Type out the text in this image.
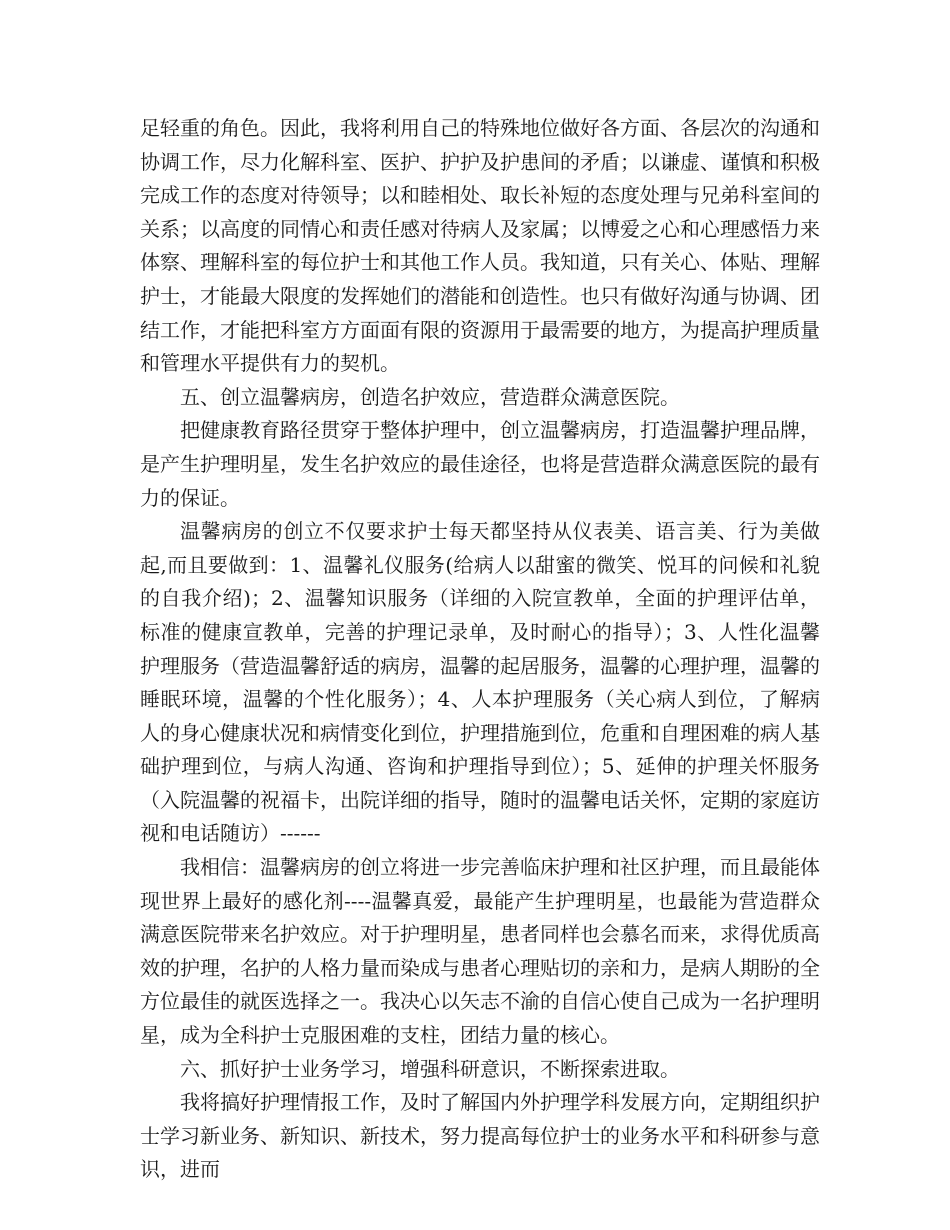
足轻重的角色。因此，我将利用自己的特殊地位做好各方面、各层次的沟通和协调工作，尽力化解科室、医护、护护及护患间的矛盾；以谦虚、谨慎和积极完成工作的态度对待领导；以和睦相处、取长补短的态度处理与兄弟科室间的关系；以高度的同情心和责任感对待病人及家属；以博爱之心和心理感悟力来体察、理解科室的每位护士和其他工作人员。我知道，只有关心、体贴、理解护士，才能最大限度的发挥她们的潜能和创造性。也只有做好沟通与协调、团结工作，才能把科室方方面面有限的资源用于最需要的地方，为提高护理质量和管理水平提供有力的契机。

五、创立温馨病房，创造名护效应，营造群众满意医院。

把健康教育路径贯穿于整体护理中，创立温馨病房，打造温馨护理品牌，是产生护理明星，发生名护效应的最佳途径，也将是营造群众满意医院的最有力的保证。

温馨病房的创立不仅要求护士每天都坚持从仪表美、语言美、行为美做起,而且要做到：1、温馨礼仪服务(给病人以甜蜜的微笑、悦耳的问候和礼貌的自我介绍)；2、温馨知识服务（详细的入院宣教单，全面的护理评估单，标准的健康宣教单，完善的护理记录单，及时耐心的指导）；3、人性化温馨护理服务（营造温馨舒适的病房，温馨的起居服务，温馨的心理护理，温馨的睡眠环境，温馨的个性化服务）；4、人本护理服务（关心病人到位，了解病人的身心健康状况和病情变化到位，护理措施到位，危重和自理困难的病人基础护理到位，与病人沟通、咨询和护理指导到位）；5、延伸的护理关怀服务（入院温馨的祝福卡，出院详细的指导，随时的温馨电话关怀，定期的家庭访视和电话随访）------

我相信：温馨病房的创立将进一步完善临床护理和社区护理，而且最能体现世界上最好的感化剂----温馨真爱，最能产生护理明星，也最能为营造群众满意医院带来名护效应。对于护理明星，患者同样也会慕名而来，求得优质高效的护理，名护的人格力量而染成与患者心理贴切的亲和力，是病人期盼的全方位最佳的就医选择之一。我决心以矢志不渝的自信心使自己成为一名护理明星，成为全科护士克服困难的支柱，团结力量的核心。

六、抓好护士业务学习，增强科研意识，不断探索进取。

我将搞好护理情报工作，及时了解国内外护理学科发展方向，定期组织护士学习新业务、新知识、新技术，努力提高每位护士的业务水平和科研参与意识，进而
